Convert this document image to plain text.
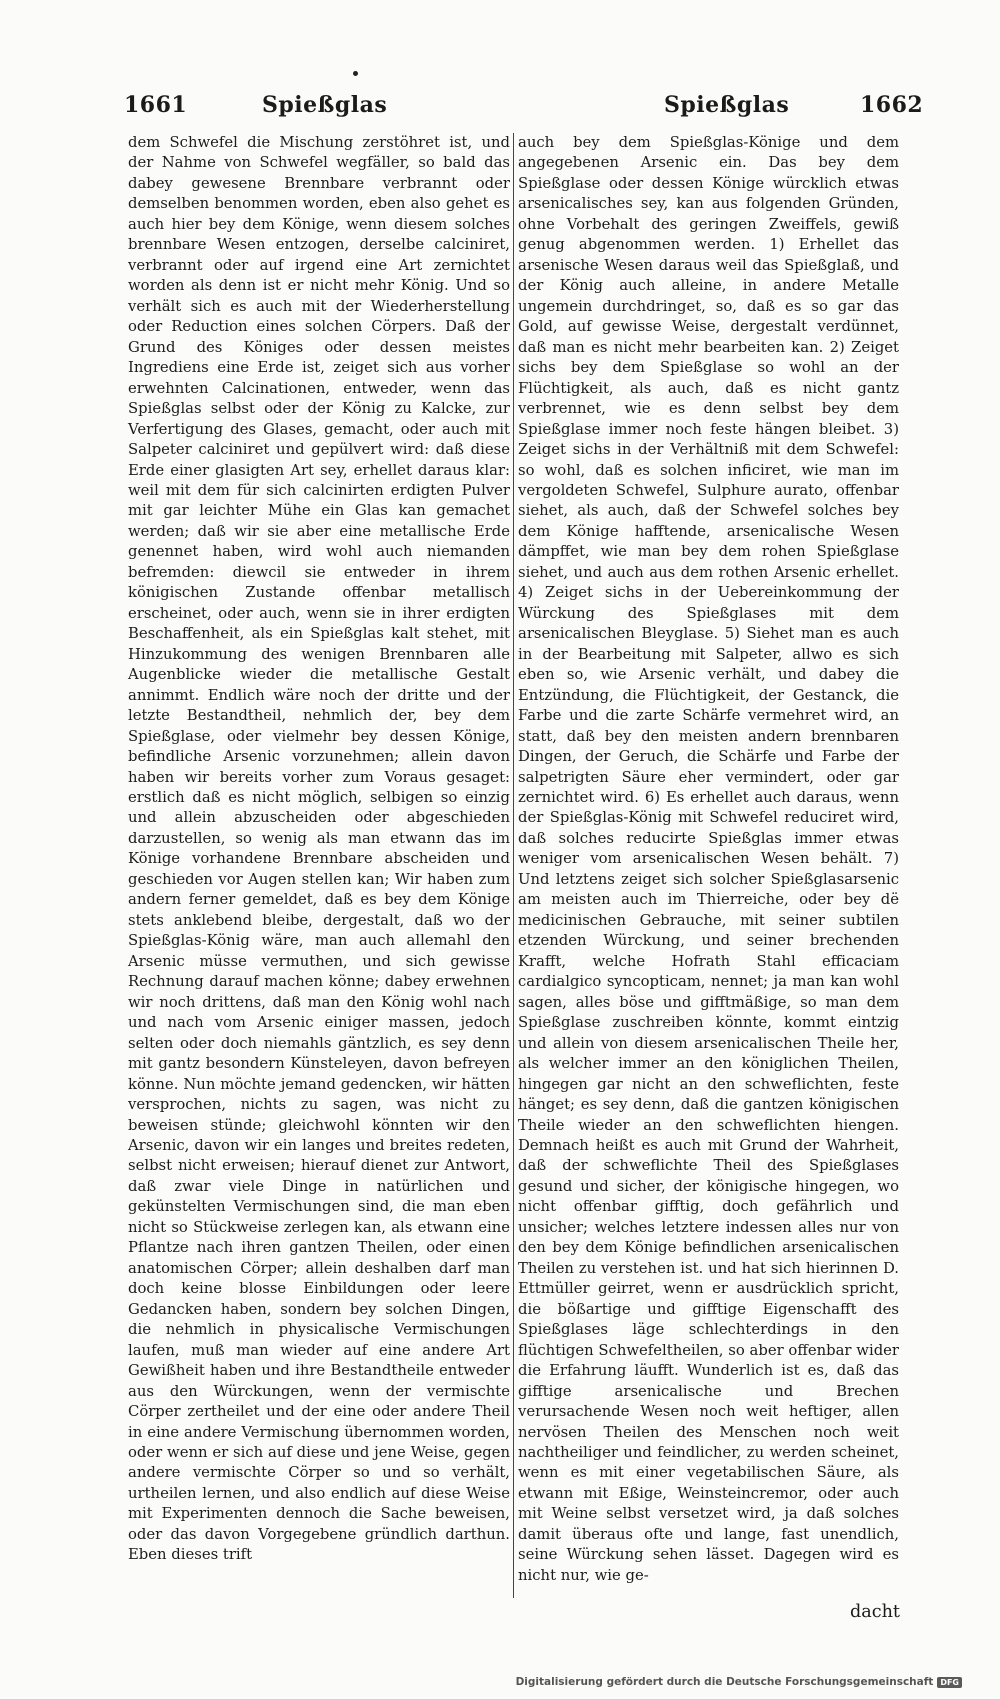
1661	Spießglas	Spießglas	1662

dem Schwefel die Mischung zerstöhret ist, und der Nahme von Schwefel wegfäller, so bald das dabey gewesene Brennbare verbrannt oder demselben benommen worden, eben also gehet es auch hier bey dem Könige, wenn diesem solches brennbare Wesen entzogen, derselbe calciniret, verbrannt oder auf irgend eine Art zernichtet worden als denn ist er nicht mehr König. Und so verhält sich es auch mit der Wiederherstellung oder Reduction eines solchen Cörpers. Daß der Grund des Königes oder dessen meistes Ingrediens eine Erde ist, zeiget sich aus vorher erwehnten Calcinationen, entweder, wenn das Spießglas selbst oder der König zu Kalcke, zur Verfertigung des Glases, gemacht, oder auch mit Salpeter calciniret und gepülvert wird: daß diese Erde einer glasigten Art sey, erhellet daraus klar: weil mit dem für sich calcinirten erdigten Pulver mit gar leichter Mühe ein Glas kan gemachet werden; daß wir sie aber eine metallische Erde genennet haben, wird wohl auch niemanden befremden: diewcil sie entweder in ihrem königischen Zustande offenbar metallisch erscheinet, oder auch, wenn sie in ihrer erdigten Beschaffenheit, als ein Spießglas kalt stehet, mit Hinzukommung des wenigen Brennbaren alle Augenblicke wieder die metallische Gestalt annimmt. Endlich wäre noch der dritte und der letzte Bestandtheil, nehmlich der, bey dem Spießglase, oder vielmehr bey dessen Könige, befindliche Arsenic vorzunehmen; allein davon haben wir bereits vorher zum Voraus gesaget: erstlich daß es nicht möglich, selbigen so einzig und allein abzuscheiden oder abgeschieden darzustellen, so wenig als man etwann das im Könige vorhandene Brennbare abscheiden und geschieden vor Augen stellen kan; Wir haben zum andern ferner gemeldet, daß es bey dem Könige stets anklebend bleibe, dergestalt, daß wo der Spießglas-König wäre, man auch allemahl den Arsenic müsse vermuthen, und sich gewisse Rechnung darauf machen könne; dabey erwehnen wir noch drittens, daß man den König wohl nach und nach vom Arsenic einiger massen, jedoch selten oder doch niemahls gäntzlich, es sey denn mit gantz besondern Künsteleyen, davon befreyen könne. Nun möchte jemand gedencken, wir hätten versprochen, nichts zu sagen, was nicht zu beweisen stünde; gleichwohl könnten wir den Arsenic, davon wir ein langes und breites redeten, selbst nicht erweisen; hierauf dienet zur Antwort, daß zwar viele Dinge in natürlichen und gekünstelten Vermischungen sind, die man eben nicht so Stückweise zerlegen kan, als etwann eine Pflantze nach ihren gantzen Theilen, oder einen anatomischen Cörper; allein deshalben darf man doch keine blosse Einbildungen oder leere Gedancken haben, sondern bey solchen Dingen, die nehmlich in physicalische Vermischungen laufen, muß man wieder auf eine andere Art Gewißheit haben und ihre Bestandtheile entweder aus den Würckungen, wenn der vermischte Cörper zertheilet und der eine oder andere Theil in eine andere Vermischung übernommen worden, oder wenn er sich auf diese und jene Weise, gegen andere vermischte Cörper so und so verhält, urtheilen lernen, und also endlich auf diese Weise mit Experimenten dennoch die Sache beweisen, oder das davon Vorgegebene gründlich darthun. Eben dieses trift

auch bey dem Spießglas-Könige und dem angegebenen Arsenic ein. Das bey dem Spießglase oder dessen Könige würcklich etwas arsenicalisches sey, kan aus folgenden Gründen, ohne Vorbehalt des geringen Zweiffels, gewiß genug abgenommen werden. 1) Erhellet das arsenische Wesen daraus weil das Spießglaß, und der König auch alleine, in andere Metalle ungemein durchdringet, so, daß es so gar das Gold, auf gewisse Weise, dergestalt verdünnet, daß man es nicht mehr bearbeiten kan. 2) Zeiget sichs bey dem Spießglase so wohl an der Flüchtigkeit, als auch, daß es nicht gantz verbrennet, wie es denn selbst bey dem Spießglase immer noch feste hängen bleibet. 3) Zeiget sichs in der Verhältniß mit dem Schwefel: so wohl, daß es solchen inficiret, wie man im vergoldeten Schwefel, Sulphure aurato, offenbar siehet, als auch, daß der Schwefel solches bey dem Könige hafftende, arsenicalische Wesen dämpffet, wie man bey dem rohen Spießglase siehet, und auch aus dem rothen Arsenic erhellet. 4) Zeiget sichs in der Uebereinkommung der Würckung des Spießglases mit dem arsenicalischen Bleyglase. 5) Siehet man es auch in der Bearbeitung mit Salpeter, allwo es sich eben so, wie Arsenic verhält, und dabey die Entzündung, die Flüchtigkeit, der Gestanck, die Farbe und die zarte Schärfe vermehret wird, an statt, daß bey den meisten andern brennbaren Dingen, der Geruch, die Schärfe und Farbe der salpetrigten Säure eher vermindert, oder gar zernichtet wird. 6) Es erhellet auch daraus, wenn der Spießglas-König mit Schwefel reduciret wird, daß solches reducirte Spießglas immer etwas weniger vom arsenicalischen Wesen behält. 7) Und letztens zeiget sich solcher Spießglasarsenic am meisten auch im Thierreiche, oder bey dë medicinischen Gebrauche, mit seiner subtilen etzenden Würckung, und seiner brechenden Krafft, welche Hofrath Stahl efficaciam cardialgico syncopticam, nennet; ja man kan wohl sagen, alles böse und gifftmäßige, so man dem Spießglase zuschreiben könnte, kommt eintzig und allein von diesem arsenicalischen Theile her, als welcher immer an den königlichen Theilen, hingegen gar nicht an den schweflichten, feste hänget; es sey denn, daß die gantzen königischen Theile wieder an den schweflichten hiengen. Demnach heißt es auch mit Grund der Wahrheit, daß der schweflichte Theil des Spießglases gesund und sicher, der königische hingegen, wo nicht offenbar gifftig, doch gefährlich und unsicher; welches letztere indessen alles nur von den bey dem Könige befindlichen arsenicalischen Theilen zu verstehen ist. und hat sich hierinnen D. Ettmüller geirret, wenn er ausdrücklich spricht, die bößartige und gifftige Eigenschafft des Spießglases läge schlechterdings in den flüchtigen Schwefeltheilen, so aber offenbar wider die Erfahrung läufft. Wunderlich ist es, daß das gifftige arsenicalische und Brechen verursachende Wesen noch weit heftiger, allen nervösen Theilen des Menschen noch weit nachtheiliger und feindlicher, zu werden scheinet, wenn es mit einer vegetabilischen Säure, als etwann mit Eßige, Weinsteincremor, oder auch mit Weine selbst versetzet wird, ja daß solches damit überaus ofte und lange, fast unendlich, seine Würckung sehen lässet. Dagegen wird es nicht nur, wie ge-

dacht
Digitalisierung gefördert durch die Deutsche Forschungsgemeinschaft DFG
